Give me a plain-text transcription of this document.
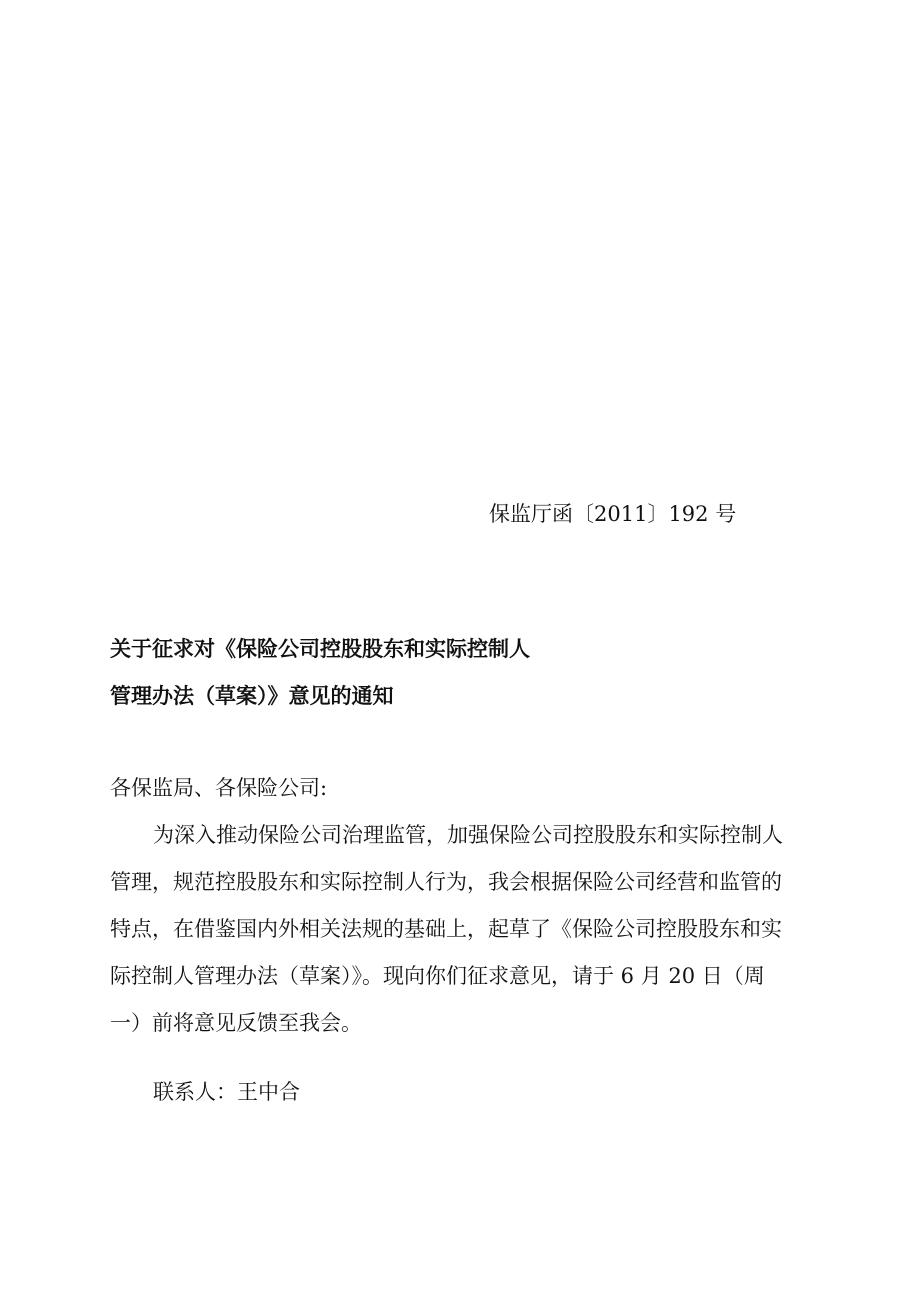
保监厅函〔2011〕192 号
关于征求对《保险公司控股股东和实际控制人
管理办法（草案）》意见的通知
各保监局、各保险公司:
为深入推动保险公司治理监管，加强保险公司控股股东和实际控制人
管理，规范控股股东和实际控制人行为，我会根据保险公司经营和监管的
特点，在借鉴国内外相关法规的基础上，起草了《保险公司控股股东和实
际控制人管理办法（草案）》。现向你们征求意见，请于 6 月 20 日（周
一）前将意见反馈至我会。
联系人：王中合
